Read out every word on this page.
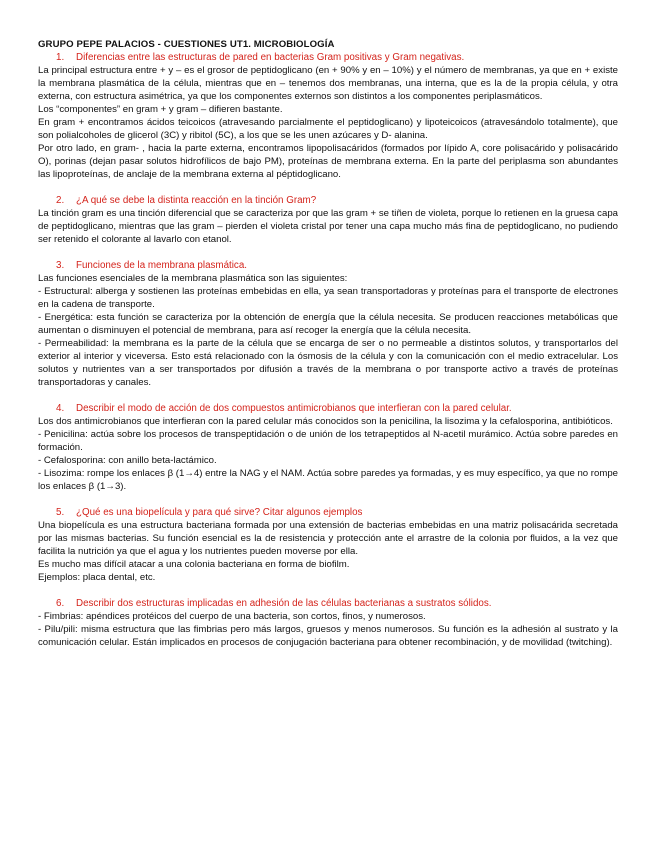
GRUPO PEPE PALACIOS - CUESTIONES UT1. MICROBIOLOGÍA

1. Diferencias entre las estructuras de pared en bacterias Gram positivas y Gram negativas.

La principal estructura entre + y – es el grosor de peptidoglicano (en + 90% y en – 10%) y el número de membranas, ya que en + existe la membrana plasmática de la célula, mientras que en – tenemos dos membranas, una interna, que es la de la propia célula, y otra externa, con estructura asimétrica, ya que los componentes externos son distintos a los componentes periplasmáticos.

Los “componentes” en gram + y gram – difieren bastante.

En gram + encontramos ácidos teicoicos (atravesando parcialmente el peptidoglicano) y lipoteicoicos (atravesándolo totalmente), que son polialcoholes de glicerol (3C) y ribitol (5C), a los que se les unen azúcares y D- alanina.

Por otro lado, en gram- , hacia la parte externa, encontramos lipopolisacáridos (formados por lípido A, core polisacárido y polisacárido O), porinas (dejan pasar solutos hidrofílicos de bajo PM), proteínas de membrana externa. En la parte del periplasma son abundantes las lipoproteínas, de anclaje de la membrana externa al péptidoglicano.

2. ¿A qué se debe la distinta reacción en la tinción Gram?

La tinción gram es una tinción diferencial que se caracteriza por que las gram + se tiñen de violeta, porque lo retienen en la gruesa capa de peptidoglicano, mientras que las gram – pierden el violeta cristal por tener una capa mucho más fina de peptidoglicano, no pudiendo ser retenido el colorante al lavarlo con etanol.

3. Funciones de la membrana plasmática.

Las funciones esenciales de la membrana plasmática son las siguientes:

- Estructural: alberga y sostienen las proteínas embebidas en ella, ya sean transportadoras y proteínas para el transporte de electrones en la cadena de transporte.

- Energética: esta función se caracteriza por la obtención de energía que la célula necesita. Se producen reacciones metabólicas que aumentan o disminuyen el potencial de membrana, para así recoger la energía que la célula necesita.

- Permeabilidad: la membrana es la parte de la célula que se encarga de ser o no permeable a distintos solutos, y transportarlos del exterior al interior y viceversa. Esto está relacionado con la ósmosis de la célula y con la comunicación con el medio extracelular. Los solutos y nutrientes van a ser transportados por difusión a través de la membrana o por transporte activo a través de proteínas transportadoras y canales.

4. Describir el modo de acción de dos compuestos antimicrobianos que interfieran con la pared celular.

Los dos antimicrobianos que interfieran con la pared celular más conocidos son la penicilina, la lisozima y la cefalosporina, antibióticos.

- Penicilina: actúa sobre los procesos de transpeptidación o de unión de los tetrapeptidos al N-acetil murámico. Actúa sobre paredes en formación.

- Cefalosporina: con anillo beta-lactámico.

- Lisozima: rompe los enlaces β (1→4) entre la NAG y el NAM. Actúa sobre paredes ya formadas, y es muy específico, ya que no rompe los enlaces β (1→3).

5. ¿Qué es una biopelícula y para qué sirve? Citar algunos ejemplos

Una biopelícula es una estructura bacteriana formada por una extensión de bacterias embebidas en una matriz polisacárida secretada por las mismas bacterias. Su función esencial es la de resistencia y protección ante el arrastre de la colonia por fluidos, a la vez que facilita la nutrición ya que el agua y los nutrientes pueden moverse por ella.

Es mucho mas difícil atacar a una colonia bacteriana en forma de biofilm.

Ejemplos: placa dental, etc.

6. Describir dos estructuras implicadas en adhesión de las células bacterianas a sustratos sólidos.

- Fimbrias: apéndices protéicos del cuerpo de una bacteria, son cortos, finos, y numerosos.

- Pilu/pili: misma estructura que las fimbrias pero más largos, gruesos y menos numerosos. Su función es la adhesión al sustrato y la comunicación celular. Están implicados en procesos de conjugación bacteriana para obtener recombinación, y de movilidad (twitching).
